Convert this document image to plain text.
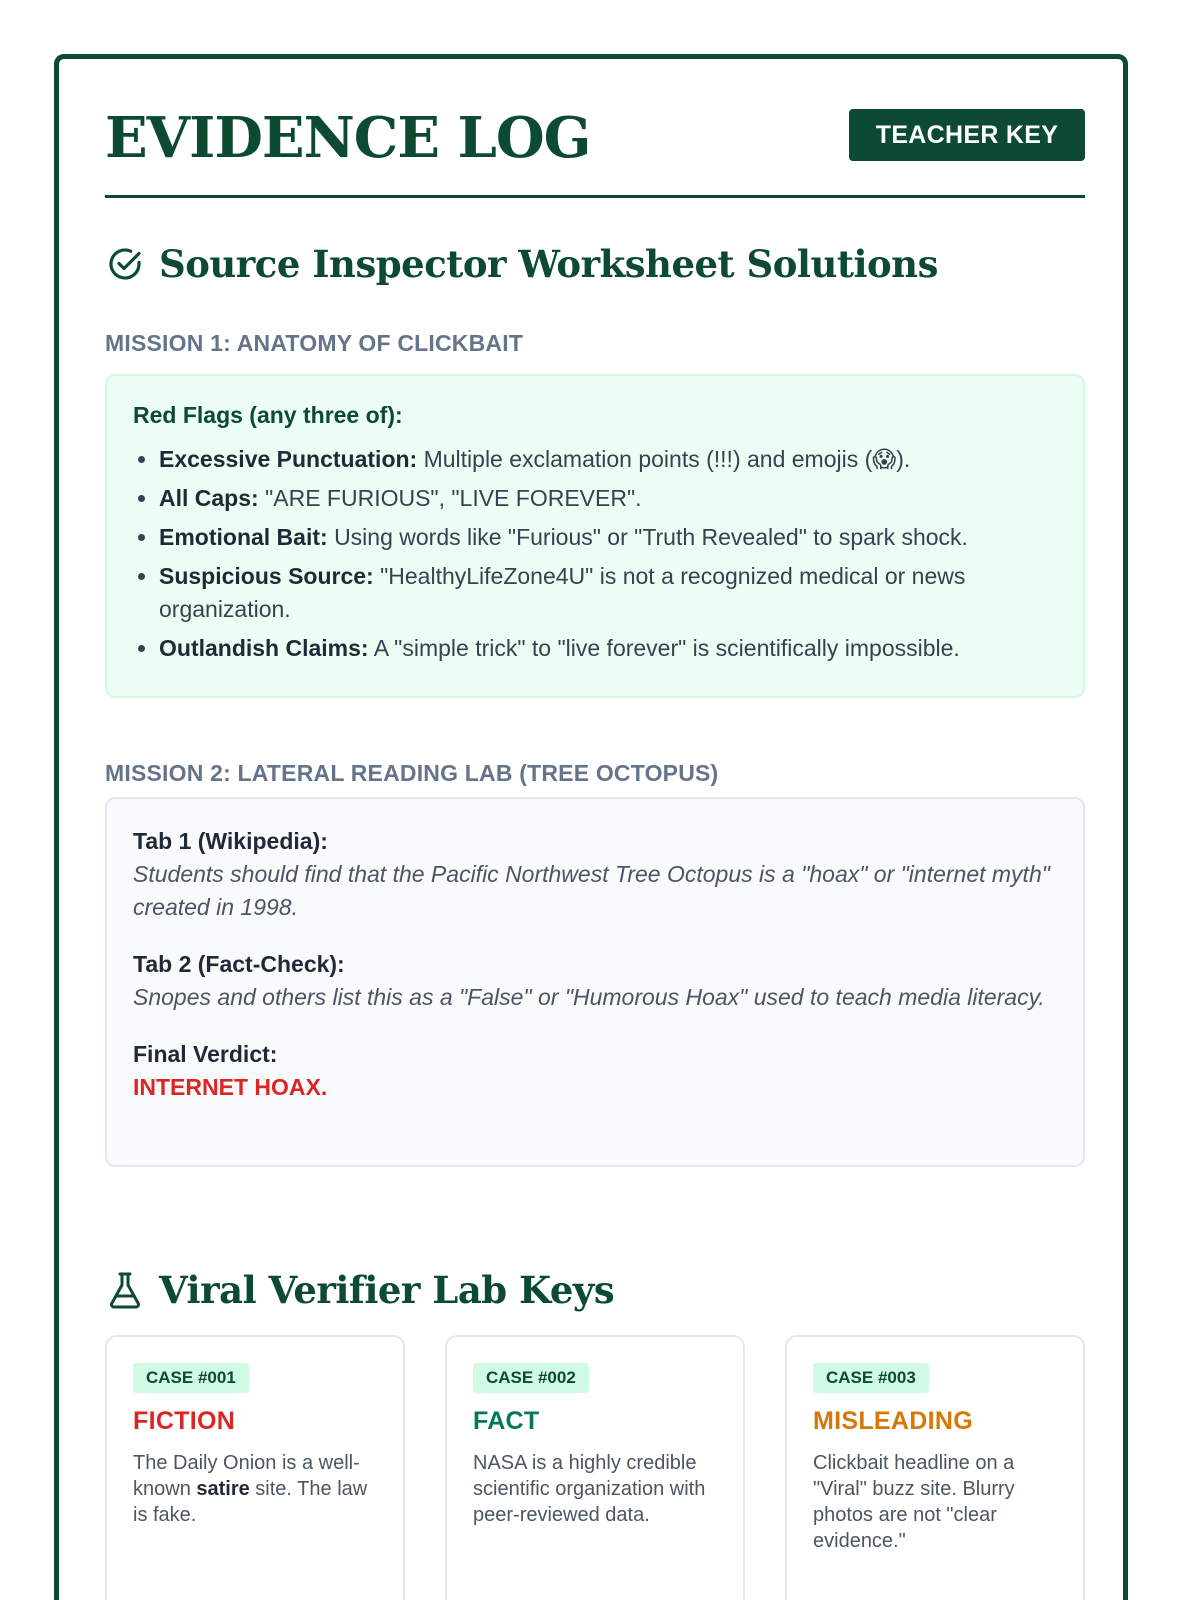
EVIDENCE LOG	TEACHER KEY
Source Inspector Worksheet Solutions
MISSION 1: ANATOMY OF CLICKBAIT
Red Flags (any three of):
• Excessive Punctuation: Multiple exclamation points (!!!) and emojis (😱).
• All Caps: "ARE FURIOUS", "LIVE FOREVER".
• Emotional Bait: Using words like "Furious" or "Truth Revealed" to spark shock.
• Suspicious Source: "HealthyLifeZone4U" is not a recognized medical or news organization.
• Outlandish Claims: A "simple trick" to "live forever" is scientifically impossible.
MISSION 2: LATERAL READING LAB (TREE OCTOPUS)
Tab 1 (Wikipedia):
Students should find that the Pacific Northwest Tree Octopus is a "hoax" or "internet myth" created in 1998.
Tab 2 (Fact-Check):
Snopes and others list this as a "False" or "Humorous Hoax" used to teach media literacy.
Final Verdict:
INTERNET HOAX.
Viral Verifier Lab Keys
CASE #001
FICTION
The Daily Onion is a well-known satire site. The law is fake.
CASE #002
FACT
NASA is a highly credible scientific organization with peer-reviewed data.
CASE #003
MISLEADING
Clickbait headline on a "Viral" buzz site. Blurry photos are not "clear evidence."
